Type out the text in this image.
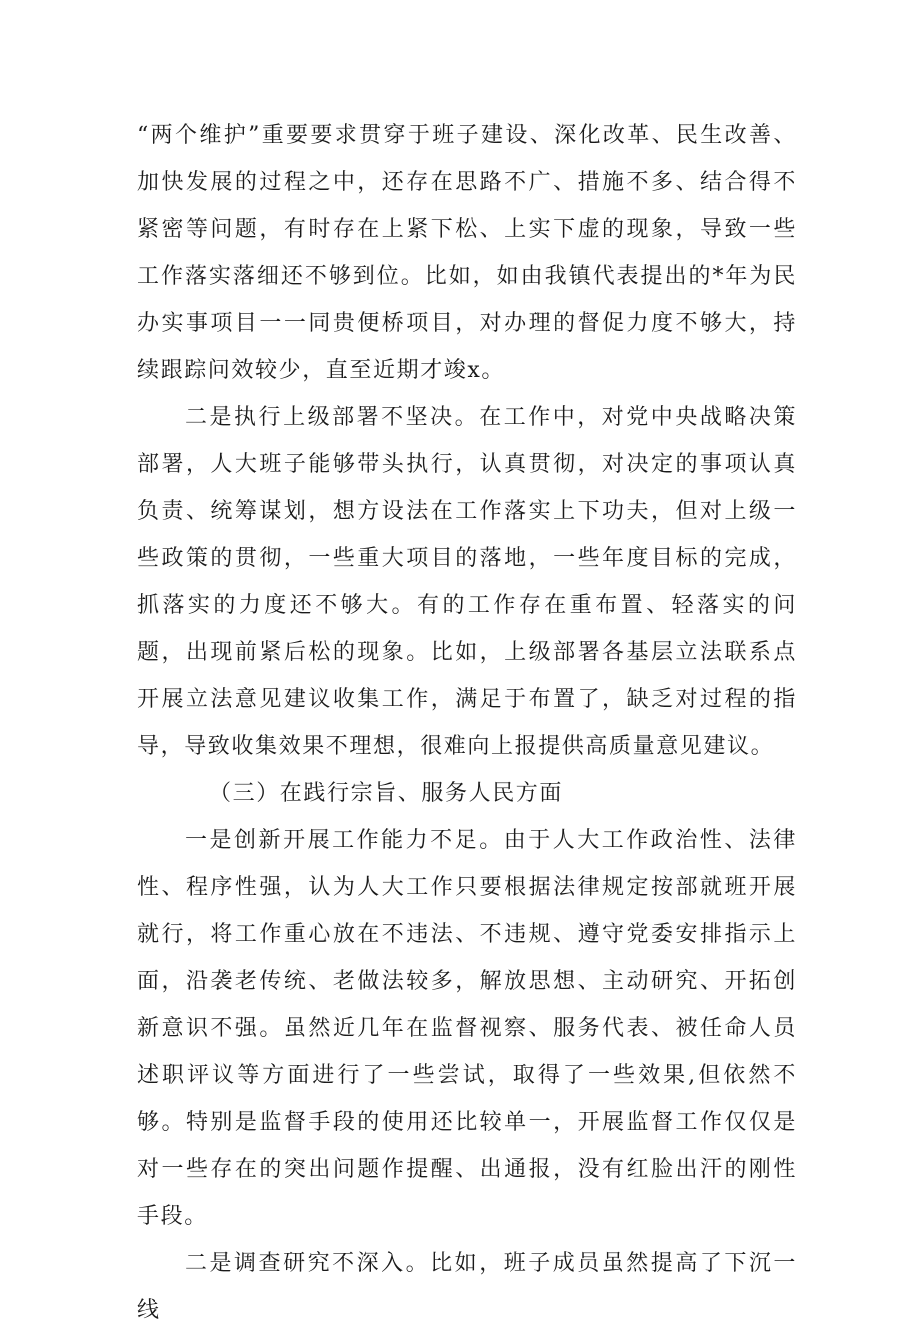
“两个维护”重要要求贯穿于班子建设、深化改革、民生改善、加快发展的过程之中，还存在思路不广、措施不多、结合得不紧密等问题，有时存在上紧下松、上实下虚的现象，导致一些工作落实落细还不够到位。比如，如由我镇代表提出的*年为民办实事项目一一同贵便桥项目，对办理的督促力度不够大，持续跟踪问效较少，直至近期才竣x。

二是执行上级部署不坚决。在工作中，对党中央战略决策部署，人大班子能够带头执行，认真贯彻，对决定的事项认真负责、统筹谋划，想方设法在工作落实上下功夫，但对上级一些政策的贯彻，一些重大项目的落地，一些年度目标的完成，抓落实的力度还不够大。有的工作存在重布置、轻落实的问题，出现前紧后松的现象。比如，上级部署各基层立法联系点开展立法意见建议收集工作，满足于布置了，缺乏对过程的指导，导致收集效果不理想，很难向上报提供高质量意见建议。

（三）在践行宗旨、服务人民方面

一是创新开展工作能力不足。由于人大工作政治性、法律性、程序性强，认为人大工作只要根据法律规定按部就班开展就行，将工作重心放在不违法、不违规、遵守党委安排指示上面，沿袭老传统、老做法较多，解放思想、主动研究、开拓创新意识不强。虽然近几年在监督视察、服务代表、被任命人员述职评议等方面进行了一些尝试，取得了一些效果,但依然不够。特别是监督手段的使用还比较单一，开展监督工作仅仅是对一些存在的突出问题作提醒、出通报，没有红脸出汗的刚性手段。

二是调查研究不深入。比如，班子成员虽然提高了下沉一线
